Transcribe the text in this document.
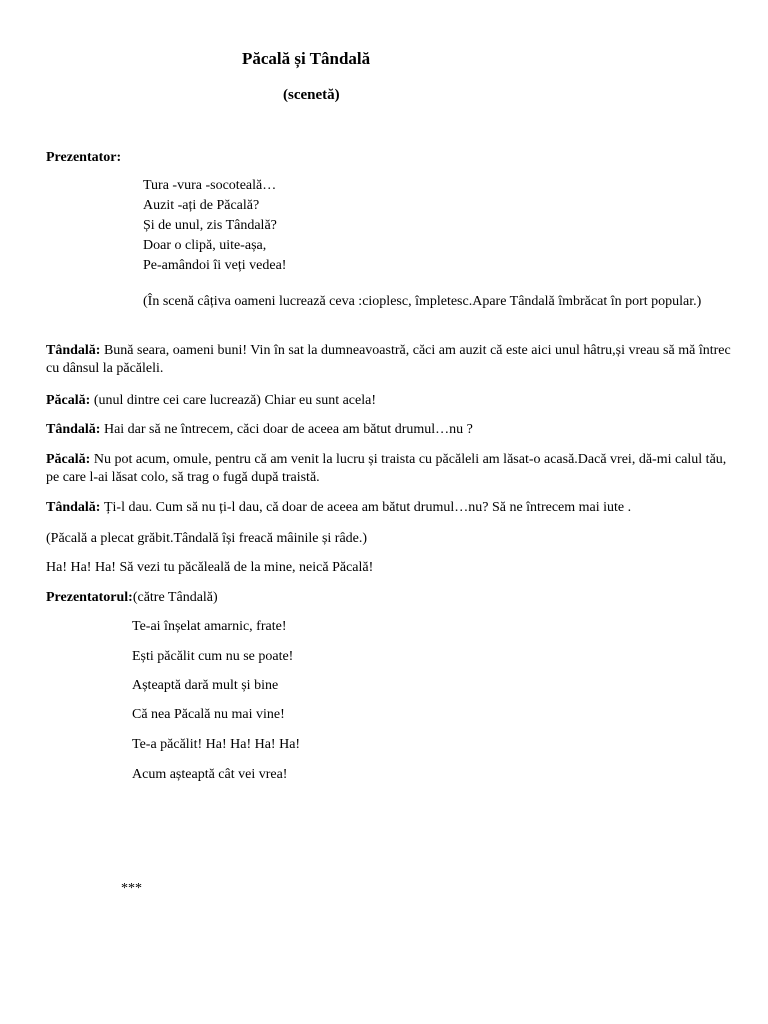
Păcală și Tândală
(scenetă)
Prezentator:
Tura -vura -socoteală…
Auzit -ați de Păcală?
Și de unul, zis Tândală?
Doar o clipă, uite-așa,
Pe-amândoi îi veți vedea!
(În scenă câțiva oameni lucrează ceva :cioplesc, împletesc.Apare Tândală îmbrăcat în port popular.)
Tândală: Bună seara, oameni buni! Vin în sat la dumneavoastră, căci am auzit că este aici unul hâtru,și vreau să mă întrec cu dânsul la păcăleli.
Păcală: (unul dintre cei care lucrează) Chiar eu sunt acela!
Tândală: Hai dar să ne întrecem, căci doar de aceea am bătut drumul…nu ?
Păcală: Nu pot acum, omule, pentru că am venit la lucru și traista cu păcăleli am lăsat-o acasă.Dacă vrei, dă-mi calul tău, pe care l-ai lăsat colo, să trag o fugă după traistă.
Tândală: Ți-l dau. Cum să nu ți-l dau, că doar de aceea am bătut drumul…nu? Să ne întrecem mai iute .
(Păcală a plecat grăbit.Tândală își freacă mâinile și râde.)
Ha! Ha! Ha! Să vezi tu păcăleală de la mine, neică Păcală!
Prezentatorul:(către Tândală)
Te-ai înșelat amarnic, frate!
Ești păcălit cum nu se poate!
Așteaptă dară mult și bine
Că nea Păcală nu mai vine!
Te-a păcălit! Ha! Ha! Ha! Ha!
Acum așteaptă cât vei vrea!
***
